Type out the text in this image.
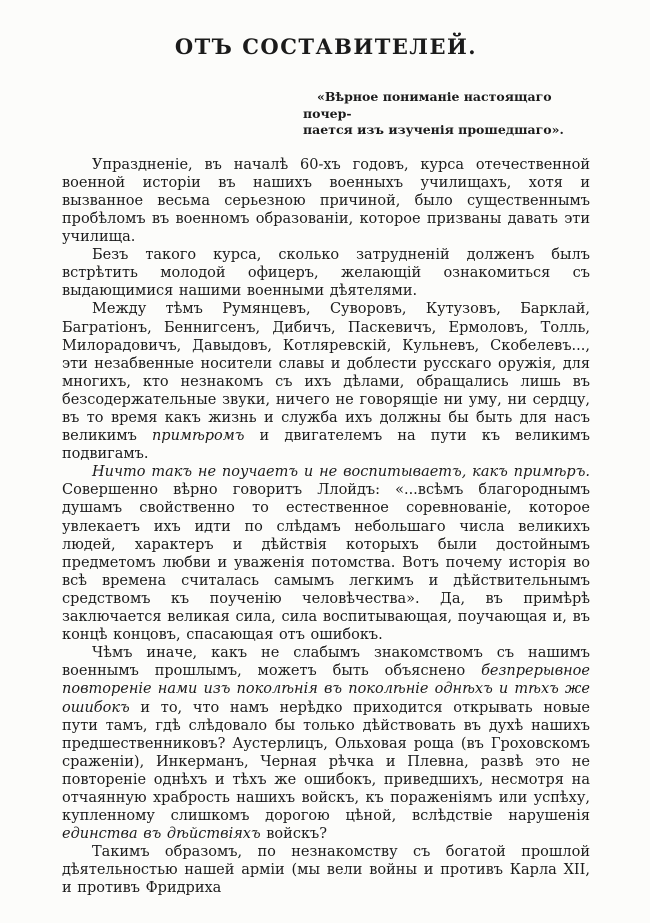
ОТЪ СОСТАВИТЕЛЕЙ.
«Вѣрное пониманіе настоящаго почер-
пается изъ изученія прошедшаго».

Упраздненіе, въ началѣ 60-хъ годовъ, курса отечественной военной исторіи въ нашихъ военныхъ училищахъ, хотя и вызванное весьма серьезною причиной, было существеннымъ пробѣломъ въ военномъ образованіи, которое призваны давать эти училища.

Безъ такого курса, сколько затрудненій долженъ былъ встрѣтить молодой офицеръ, желающій ознакомиться съ выдающимися нашими военными дѣятелями.

Между тѣмъ Румянцевъ, Суворовъ, Кутузовъ, Барклай, Багратіонъ, Беннигсенъ, Дибичъ, Паскевичъ, Ермоловъ, Толль, Милорадовичъ, Давыдовъ, Котляревскій, Кульневъ, Скобелевъ..., эти незабвенные носители славы и доблести русскаго оружія, для многихъ, кто незнакомъ съ ихъ дѣлами, обращались лишь въ безсодержательные звуки, ничего не говорящіе ни уму, ни сердцу, въ то время какъ жизнь и служба ихъ должны бы быть для насъ великимъ примѣромъ и двигателемъ на пути къ великимъ подвигамъ.

Ничто такъ не поучаетъ и не воспитываетъ, какъ примѣръ. Совершенно вѣрно говоритъ Ллойдъ: «...всѣмъ благороднымъ душамъ свойственно то естественное соревнованіе, которое увлекаетъ ихъ идти по слѣдамъ небольшаго числа великихъ людей, характеръ и дѣйствія которыхъ были достойнымъ предметомъ любви и уваженія потомства. Вотъ почему исторія во всѣ времена считалась самымъ легкимъ и дѣйствительнымъ средствомъ къ поученію человѣчества». Да, въ примѣрѣ заключается великая сила, сила воспитывающая, поучающая и, въ концѣ концовъ, спасающая отъ ошибокъ.

Чѣмъ иначе, какъ не слабымъ знакомствомъ съ нашимъ военнымъ прошлымъ, можетъ быть объяснено безпрерывное повтореніе нами изъ поколѣнія въ поколѣніе однѣхъ и тѣхъ же ошибокъ и то, что намъ нерѣдко приходится открывать новые пути тамъ, гдѣ слѣдовало бы только дѣйствовать въ духѣ нашихъ предшественниковъ? Аустерлицъ, Ольховая роща (въ Гроховскомъ сраженіи), Инкерманъ, Черная рѣчка и Плевна, развѣ это не повтореніе однѣхъ и тѣхъ же ошибокъ, приведшихъ, несмотря на отчаянную храбрость нашихъ войскъ, къ пораженіямъ или успѣху, купленному слишкомъ дорогою цѣной, вслѣдствіе нарушенія единства въ дѣйствіяхъ войскъ?

Такимъ образомъ, по незнакомству съ богатой прошлой дѣятельностью нашей арміи (мы вели войны и противъ Карла XII, и противъ Фридриха
